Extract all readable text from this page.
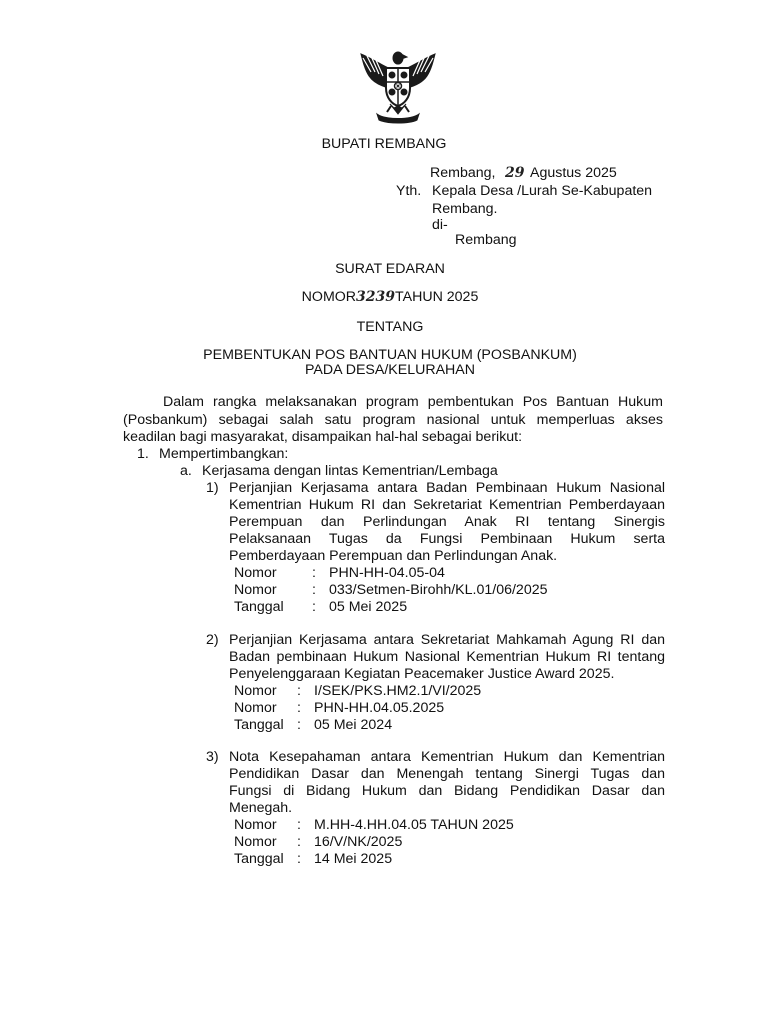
BUPATI REMBANG
Rembang, 29 Agustus 2025
Yth. Kepala Desa /Lurah Se-Kabupaten
Rembang.
di-
Rembang
SURAT EDARAN
NOMOR3239TAHUN 2025
TENTANG
PEMBENTUKAN POS BANTUAN HUKUM (POSBANKUM)
PADA DESA/KELURAHAN
Dalam rangka melaksanakan program pembentukan Pos Bantuan Hukum
(Posbankum) sebagai salah satu program nasional untuk memperluas akses
keadilan bagi masyarakat, disampaikan hal-hal sebagai berikut:
1. Mempertimbangkan:
a. Kerjasama dengan lintas Kementrian/Lembaga
1) Perjanjian Kerjasama antara Badan Pembinaan Hukum Nasional
Kementrian Hukum RI dan Sekretariat Kementrian Pemberdayaan
Perempuan dan Perlindungan Anak RI tentang Sinergis
Pelaksanaan Tugas da Fungsi Pembinaan Hukum serta
Pemberdayaan Perempuan dan Perlindungan Anak.
Nomor : PHN-HH-04.05-04
Nomor : 033/Setmen-Birohh/KL.01/06/2025
Tanggal : 05 Mei 2025
2) Perjanjian Kerjasama antara Sekretariat Mahkamah Agung RI dan
Badan pembinaan Hukum Nasional Kementrian Hukum RI tentang
Penyelenggaraan Kegiatan Peacemaker Justice Award 2025.
Nomor : I/SEK/PKS.HM2.1/VI/2025
Nomor : PHN-HH.04.05.2025
Tanggal : 05 Mei 2024
3) Nota Kesepahaman antara Kementrian Hukum dan Kementrian
Pendidikan Dasar dan Menengah tentang Sinergi Tugas dan
Fungsi di Bidang Hukum dan Bidang Pendidikan Dasar dan
Menegah.
Nomor : M.HH-4.HH.04.05 TAHUN 2025
Nomor : 16/V/NK/2025
Tanggal : 14 Mei 2025
